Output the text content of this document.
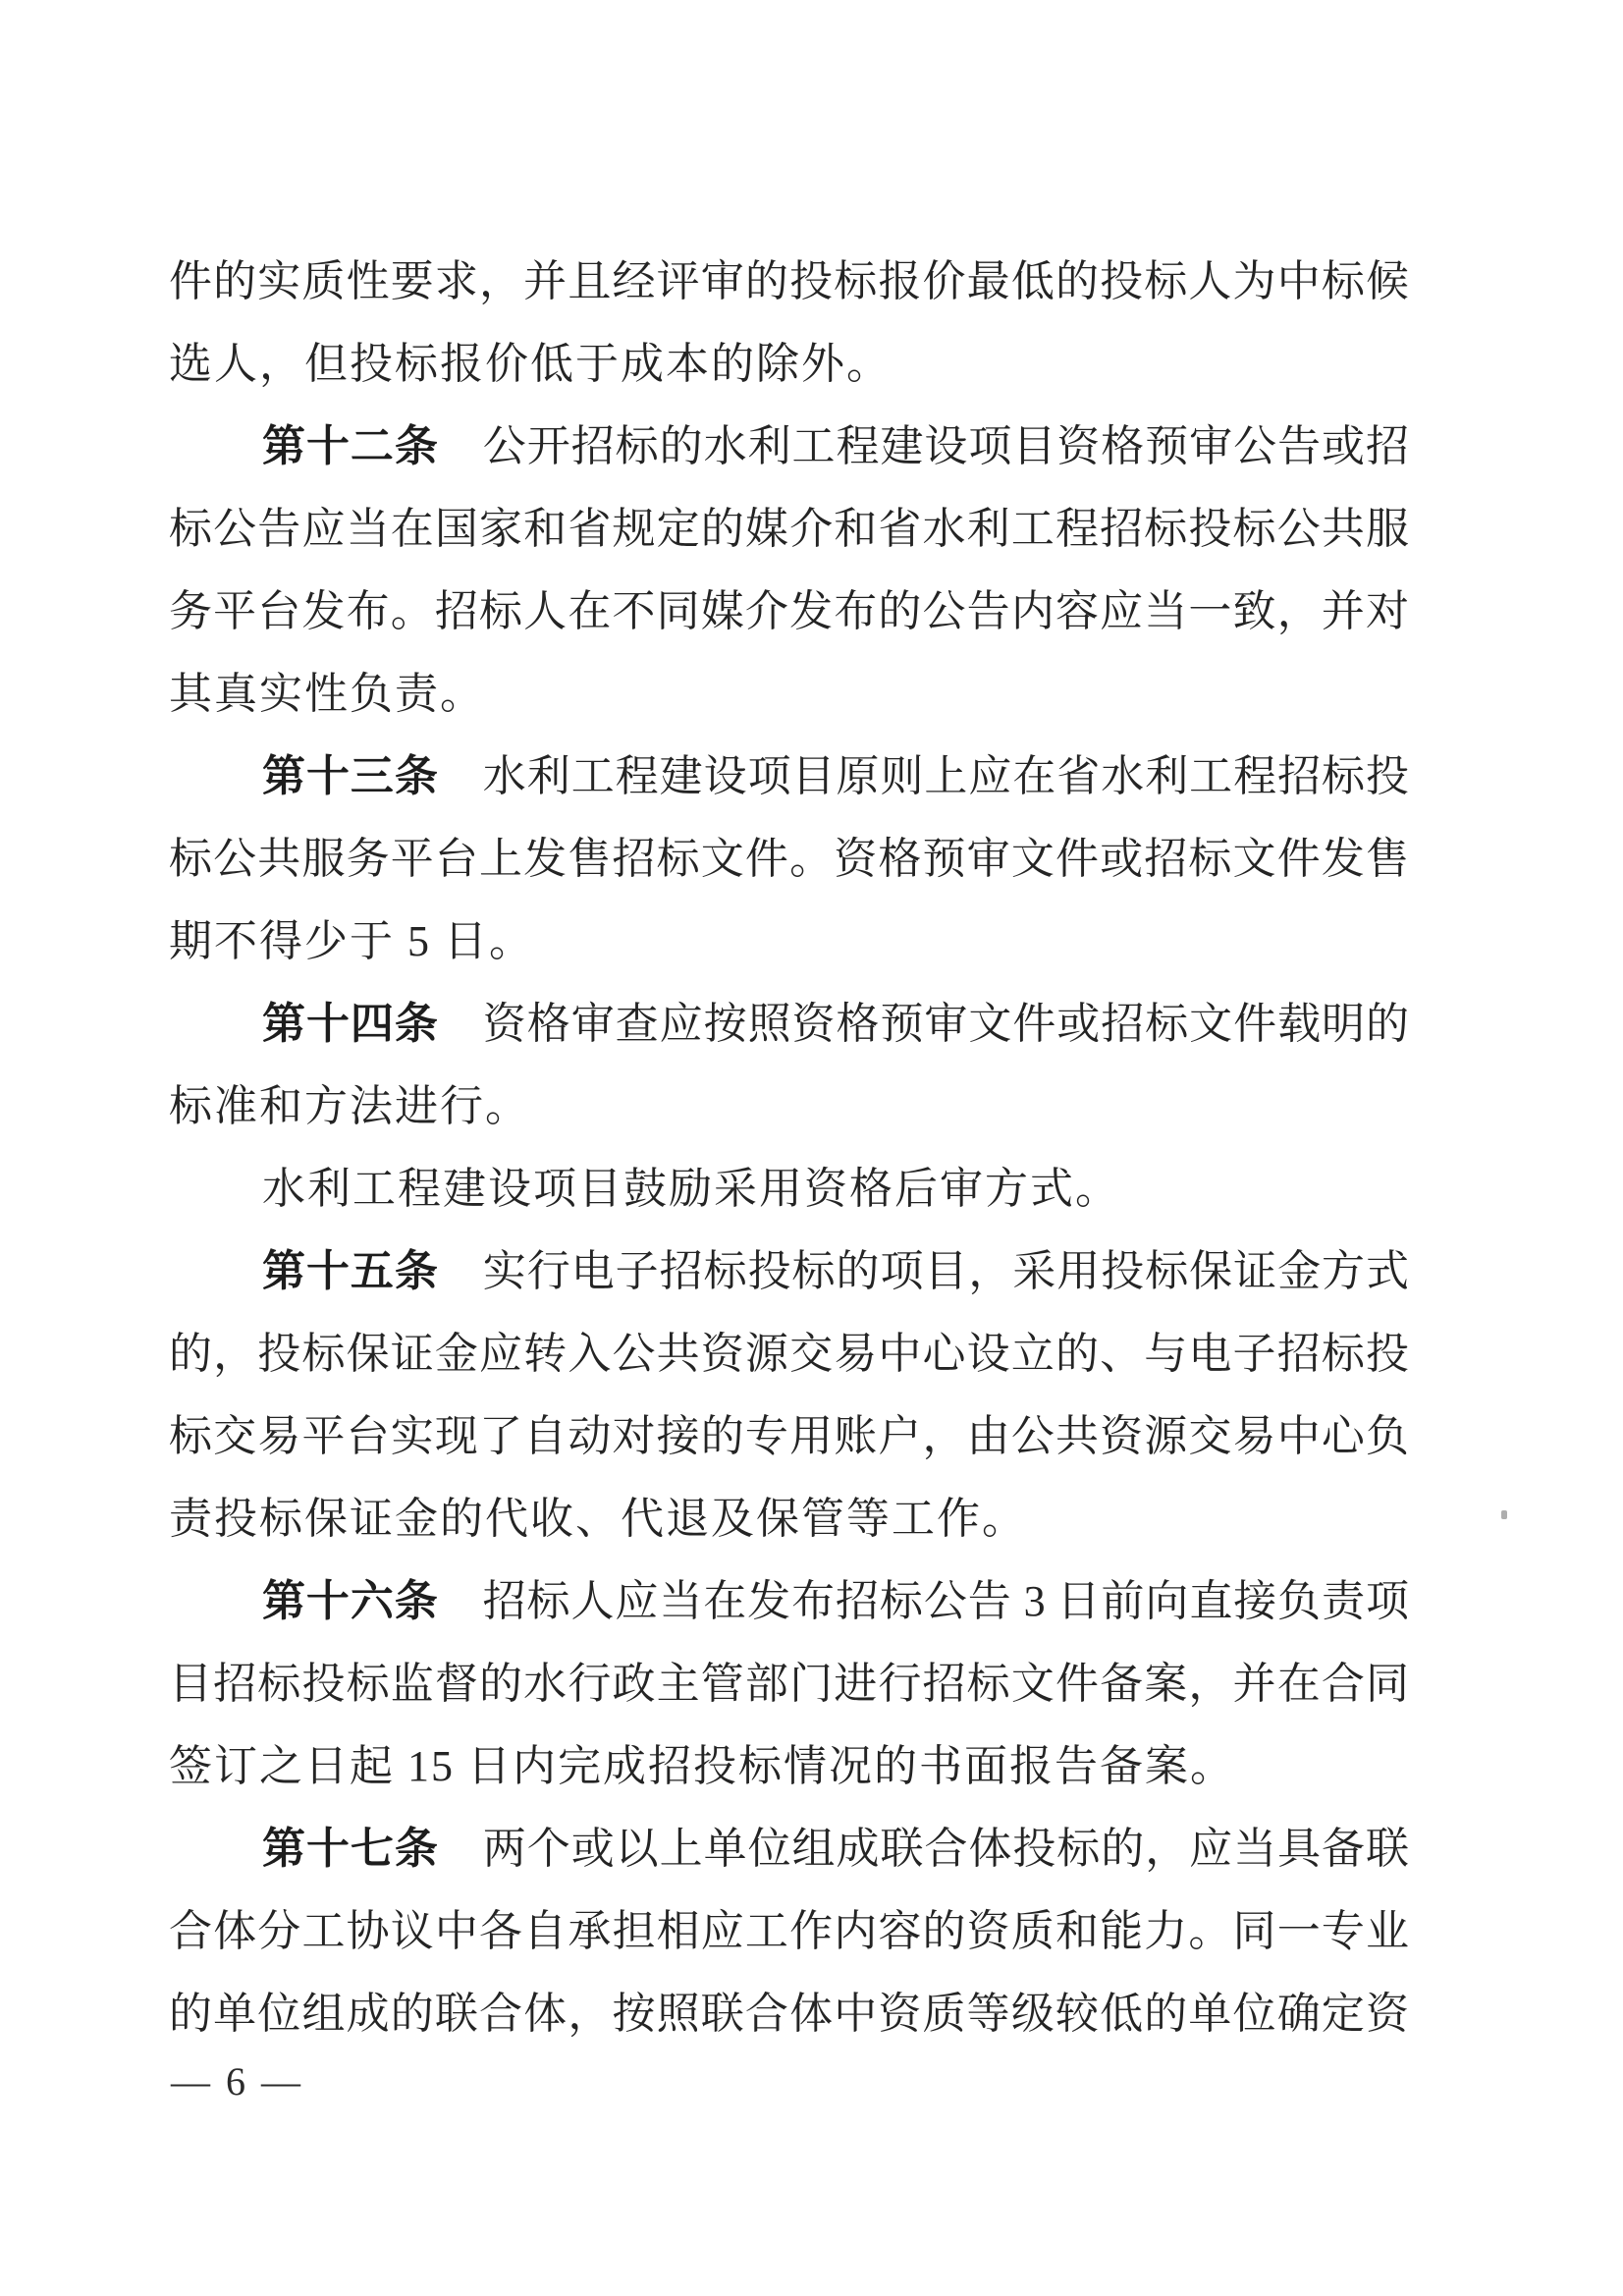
件的实质性要求，并且经评审的投标报价最低的投标人为中标候
选人，但投标报价低于成本的除外。
第十二条　公开招标的水利工程建设项目资格预审公告或招
标公告应当在国家和省规定的媒介和省水利工程招标投标公共服
务平台发布。招标人在不同媒介发布的公告内容应当一致，并对
其真实性负责。
第十三条　水利工程建设项目原则上应在省水利工程招标投
标公共服务平台上发售招标文件。资格预审文件或招标文件发售
期不得少于 5 日。
第十四条　资格审查应按照资格预审文件或招标文件载明的
标准和方法进行。
水利工程建设项目鼓励采用资格后审方式。
第十五条　实行电子招标投标的项目，采用投标保证金方式
的，投标保证金应转入公共资源交易中心设立的、与电子招标投
标交易平台实现了自动对接的专用账户，由公共资源交易中心负
责投标保证金的代收、代退及保管等工作。
第十六条　招标人应当在发布招标公告 3 日前向直接负责项
目招标投标监督的水行政主管部门进行招标文件备案，并在合同
签订之日起 15 日内完成招投标情况的书面报告备案。
第十七条　两个或以上单位组成联合体投标的，应当具备联
合体分工协议中各自承担相应工作内容的资质和能力。同一专业
的单位组成的联合体，按照联合体中资质等级较低的单位确定资
— 6 —
